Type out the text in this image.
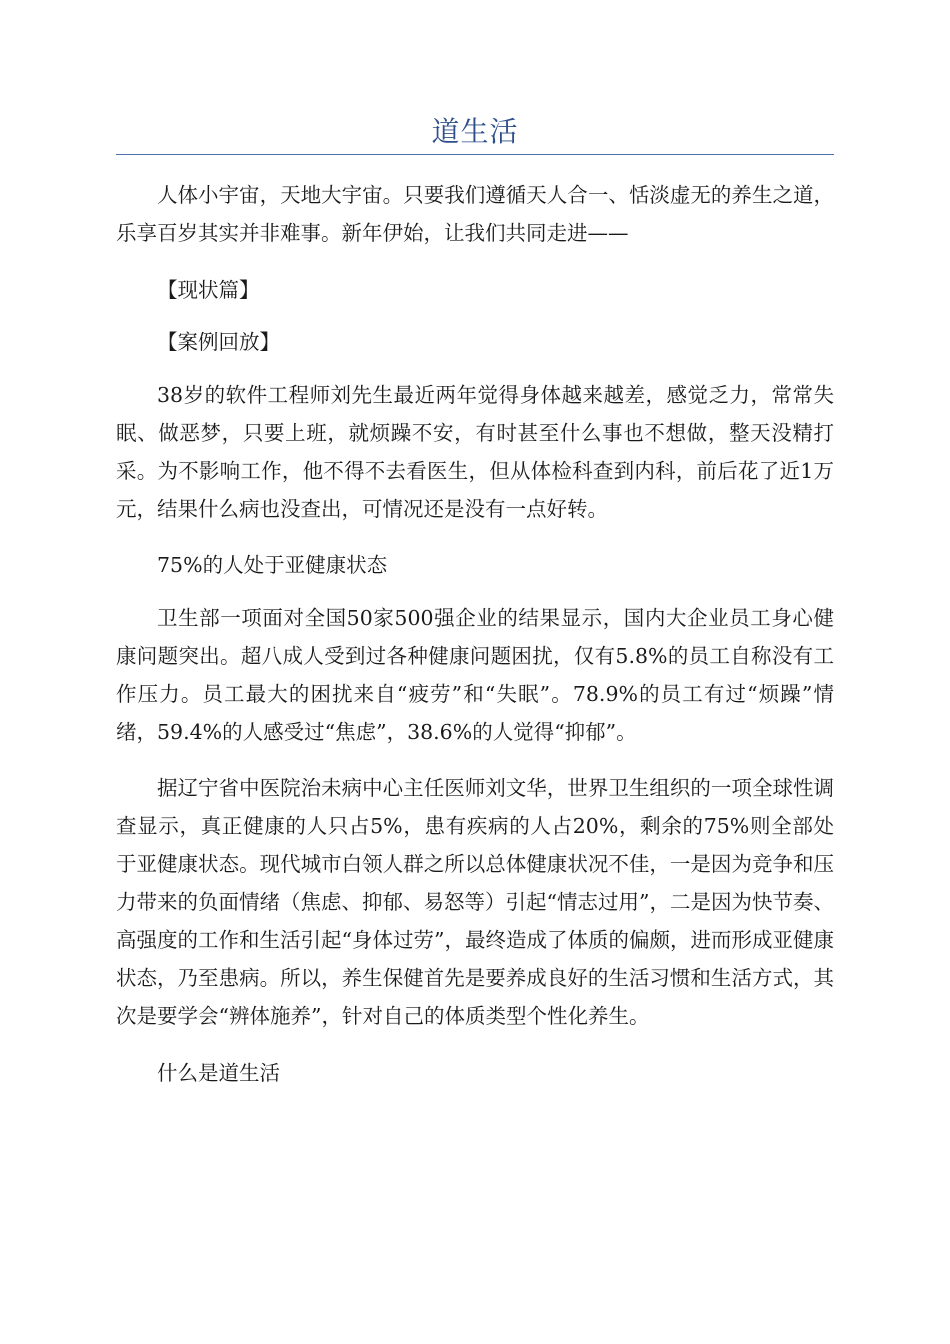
道生活

人体小宇宙，天地大宇宙。只要我们遵循天人合一、恬淡虚无的养生之道，乐享百岁其实并非难事。新年伊始，让我们共同走进——

【现状篇】

【案例回放】

38岁的软件工程师刘先生最近两年觉得身体越来越差，感觉乏力，常常失眠、做恶梦，只要上班，就烦躁不安，有时甚至什么事也不想做，整天没精打采。为不影响工作，他不得不去看医生，但从体检科查到内科，前后花了近1万元，结果什么病也没查出，可情况还是没有一点好转。

75%的人处于亚健康状态

卫生部一项面对全国50家500强企业的结果显示，国内大企业员工身心健康问题突出。超八成人受到过各种健康问题困扰，仅有5.8%的员工自称没有工作压力。员工最大的困扰来自“疲劳”和“失眠”。78.9%的员工有过“烦躁”情绪，59.4%的人感受过“焦虑”，38.6%的人觉得“抑郁”。

据辽宁省中医院治未病中心主任医师刘文华，世界卫生组织的一项全球性调查显示，真正健康的人只占5%，患有疾病的人占20%，剩余的75%则全部处于亚健康状态。现代城市白领人群之所以总体健康状况不佳，一是因为竞争和压力带来的负面情绪（焦虑、抑郁、易怒等）引起“情志过用”，二是因为快节奏、高强度的工作和生活引起“身体过劳”，最终造成了体质的偏颇，进而形成亚健康状态，乃至患病。所以，养生保健首先是要养成良好的生活习惯和生活方式，其次是要学会“辨体施养”，针对自己的体质类型个性化养生。

什么是道生活
